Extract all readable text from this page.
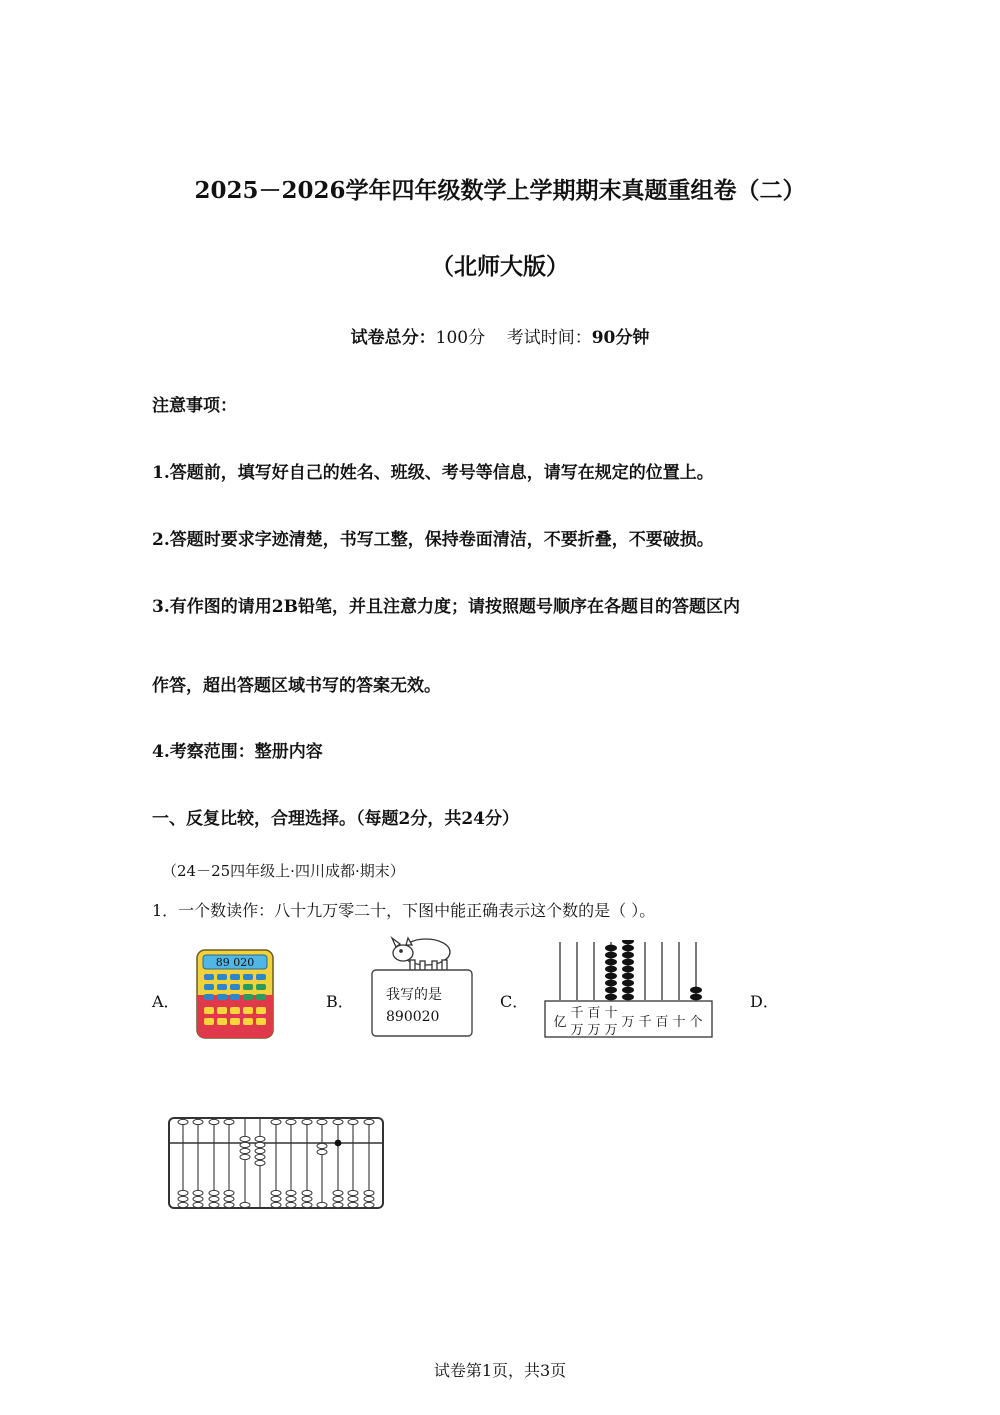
2025－2026学年四年级数学上学期期末真题重组卷（二）
（北师大版）
试卷总分：100分 考试时间：90分钟
注意事项：
1.答题前，填写好自己的姓名、班级、考号等信息，请写在规定的位置上。
2.答题时要求字迹清楚，书写工整，保持卷面清洁，不要折叠，不要破损。
3.有作图的请用2B铅笔，并且注意力度；请按照题号顺序在各题目的答题区内
作答，超出答题区域书写的答案无效。
4.考察范围：整册内容
一、反复比较，合理选择。（每题2分，共24分）
（24－25四年级上·四川成都·期末）
1．一个数读作：八十九万零二十，下图中能正确表示这个数的是（ ）。
A．	B．	C．	D．
89 020
我写的是
890020	亿
千 百 十
万 万 万
万 千 百 十 个
试卷第1页，共3页
